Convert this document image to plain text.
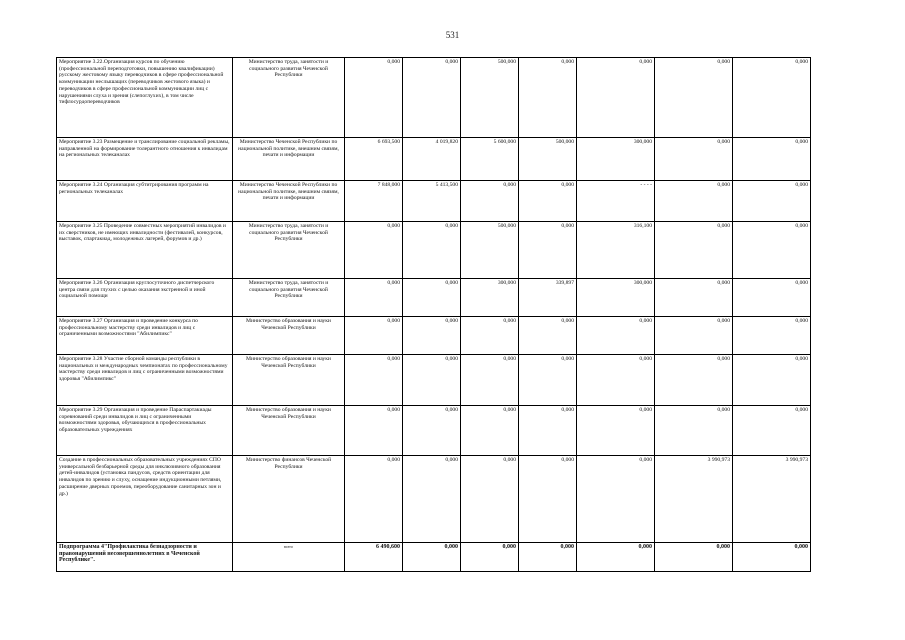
531
Мероприятие 3.22.Организация курсов по обучению (профессиональной переподготовки, повышению квалификации) русскому жестовому языку переводчиков в сфере профессиональной коммуникации неслышащих (переводчиков жестового языка) и переводчиков в сфере профессиональной коммуникации лиц с нарушениями слуха и зрения (слепоглухих), в том числе тифлосурдопереводчиков	Министерство труда, занятости и социального развития Чеченской Республики	0,000	0,000	500,000	0,000	0,000	0,000	0,000
Мероприятие 3.23 Размещение и транслирование социальной рекламы, направленной на формирование толерантного отношения к инвалидам на региональных телеканалах	Министерство Чеченской Республики по национальной политике, внешним связям, печати и информации	6 693,500	4 019,820	5 600,000	500,000	300,000	0,000	0,000
Мероприятие 3.24 Организация субтитрирования программ на региональных телеканалах	Министерство Чеченской Республики по национальной политике, внешним связям, печати и информации	7 848,000	5 413,500	0,000	0,000	- - - -	0,000	0,000
Мероприятие 3.25 Проведение совместных мероприятий инвалидов и их сверстников, не имеющих инвалидности (фестивалей, конкурсов, выставок, спартакиад, молодежных лагерей, форумов и др.)	Министерство труда, занятости и социального развития Чеченской Республики	0,000	0,000	500,000	0,000	316,100	0,000	0,000
Мероприятие 3.26 Организация круглосуточного диспетчерского центра связи для глухих с целью оказания экстренной и иной социальной помощи	Министерство труда, занятости и социального развития Чеченской Республики	0,000	0,000	300,000	339,897	300,000	0,000	0,000
Мероприятие 3.27 Организация и проведение конкурса по профессиональному мастерству среди инвалидов и лиц с ограниченными возможностями "Абилимпикс"	Министерство образования и науки Чеченской Республики	0,000	0,000	0,000	0,000	0,000	0,000	0,000
Мероприятие 3.28 Участие сборной команды республики в национальных и международных чемпионатах по профессиональному мастерству среди инвалидов и лиц с ограниченными возможностями здоровья "Абилимпикс"	Министерство образования и науки Чеченской Республики	0,000	0,000	0,000	0,000	0,000	0,000	0,000
Мероприятие 3.29 Организация и проведение Параспартакиады соревнований среди инвалидов и лиц с ограниченными возможностями здоровья, обучающихся в профессиональных образовательных учреждениях	Министерство образования и науки Чеченской Республики	0,000	0,000	0,000	0,000	0,000	0,000	0,000
Создание в профессиональных образовательных учреждениях СПО универсальной безбарьерной среды для инклюзивного образования детей-инвалидов (установка пандусов, средств ориентации для инвалидов по зрению и слуху, оснащение индукционными петлями, расширение дверных проемов, переоборудование санитарных зон и др.)	Министерство финансов Чеченской Республики	0,000	0,000	0,000	0,000	0,000	3 990,973	3 990,973
Подпрограмма 4"Профилактика безнадзорности и правонарушений несовершеннолетних в Чеченской Республике".	всего	6 490,600	0,000	0,000	0,000	0,000	0,000	0,000
